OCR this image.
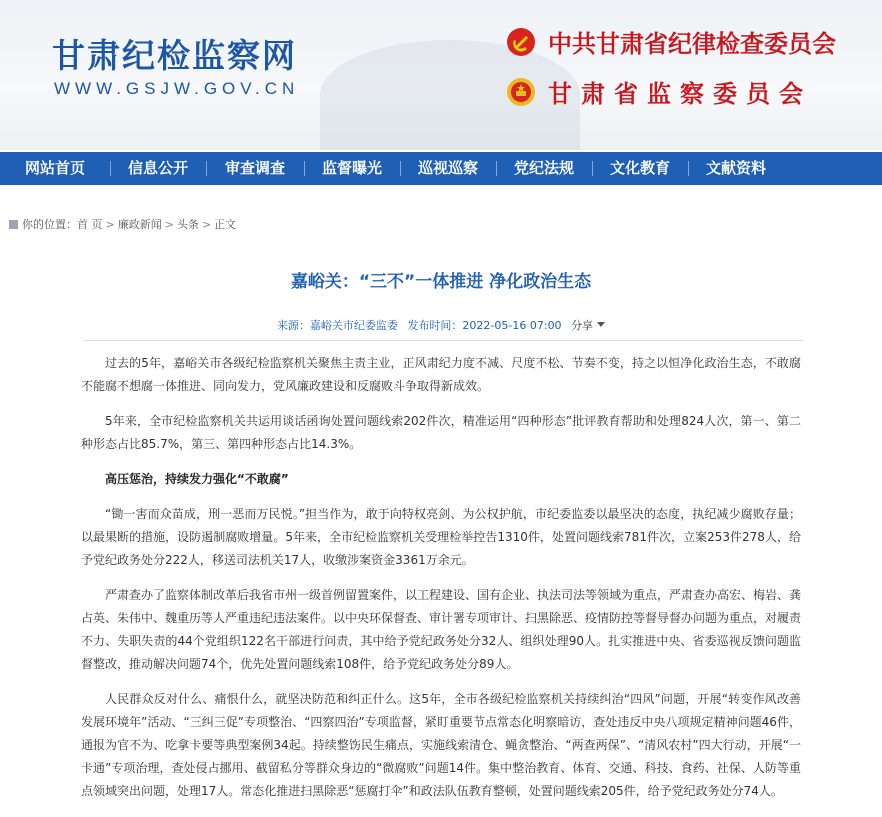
甘肃纪检监察网
WWW.GSJW.GOV.CN
中共甘肃省纪律检查委员会
甘肃省监察委员会
网站首页	信息公开	审查调查	监督曝光	巡视巡察	党纪法规	文化教育	文献资料
你的位置： 首 页 > 廉政新闻 > 头条 > 正文
嘉峪关：“三不”一体推进 净化政治生态
来源：嘉峪关市纪委监委 发布时间：2022-05-16 07:00 分享

过去的5年，嘉峪关市各级纪检监察机关聚焦主责主业，正风肃纪力度不减、尺度不松、节奏不变，持之以恒净化政治生态，不敢腐不能腐不想腐一体推进、同向发力，党风廉政建设和反腐败斗争取得新成效。

5年来，全市纪检监察机关共运用谈话函询处置问题线索202件次，精准运用“四种形态”批评教育帮助和处理824人次，第一、第二种形态占比85.7%，第三、第四种形态占比14.3%。

高压惩治，持续发力强化“不敢腐”

“锄一害而众苗成，刑一恶而万民悦。”担当作为，敢于向特权亮剑、为公权护航，市纪委监委以最坚决的态度，执纪减少腐败存量；以最果断的措施，设防遏制腐败增量。5年来，全市纪检监察机关受理检举控告1310件，处置问题线索781件次，立案253件278人，给予党纪政务处分222人，移送司法机关17人，收缴涉案资金3361万余元。

严肃查办了监察体制改革后我省市州一级首例留置案件，以工程建设、国有企业、执法司法等领域为重点，严肃查办高宏、梅岩、龚占英、朱伟中、魏重历等人严重违纪违法案件。以中央环保督查、审计署专项审计、扫黑除恶、疫情防控等督导督办问题为重点，对履责不力、失职失责的44个党组织122名干部进行问责，其中给予党纪政务处分32人、组织处理90人。扎实推进中央、省委巡视反馈问题监督整改，推动解决问题74个，优先处置问题线索108件，给予党纪政务处分89人。

人民群众反对什么、痛恨什么，就坚决防范和纠正什么。这5年，全市各级纪检监察机关持续纠治“四风”问题，开展“转变作风改善发展环境年”活动、“三纠三促”专项整治、“四察四治”专项监督，紧盯重要节点常态化明察暗访，查处违反中央八项规定精神问题46件，通报为官不为、吃拿卡要等典型案例34起。持续整饬民生痛点，实施线索清仓、蝇贪整治、“两查两保”、“清风农村”四大行动，开展“一卡通”专项治理，查处侵占挪用、截留私分等群众身边的“微腐败”问题14件。集中整治教育、体育、交通、科技、食药、社保、人防等重点领域突出问题，处理17人。常态化推进扫黑除恶“惩腐打伞”和政法队伍教育整顿，处置问题线索205件，给予党纪政务处分74人。
